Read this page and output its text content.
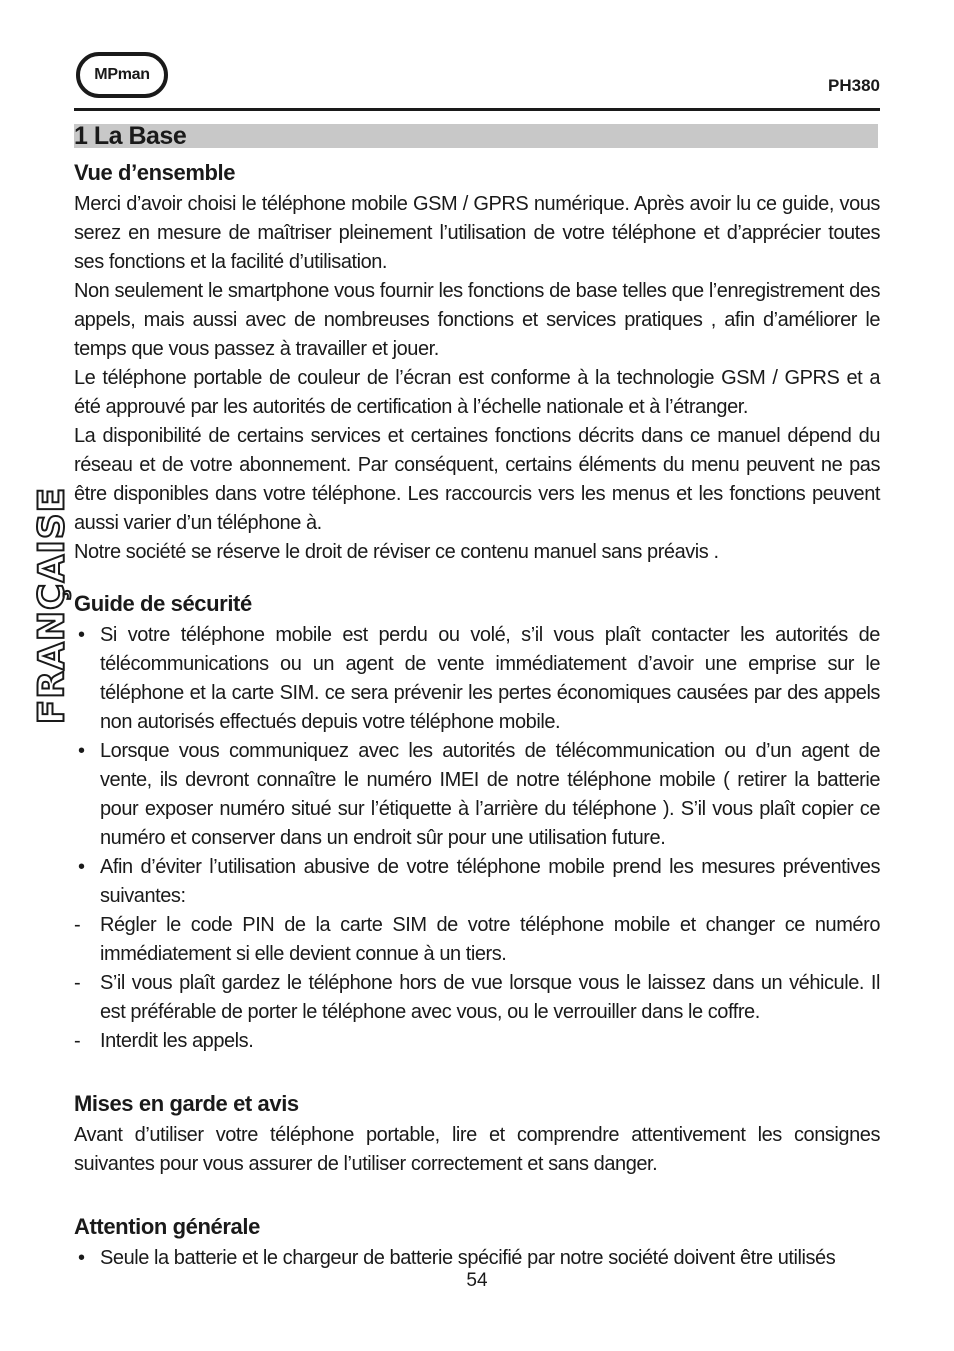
MPman
PH380
1 La Base
FRANÇAISE
Vue d’ensemble

Merci d’avoir choisi le téléphone mobile GSM / GPRS numérique. Après avoir lu ce guide, vous serez en mesure de maîtriser pleinement l’utilisation de votre téléphone et d’apprécier toutes ses fonctions et la facilité d’utilisation.

Non seulement le smartphone vous fournir les fonctions de base telles que l’enregistrement des appels, mais aussi avec de nombreuses fonctions et services pratiques , afin d’améliorer le temps que vous passez à travailler et jouer.

Le téléphone portable de couleur de l’écran est conforme à la technologie GSM / GPRS et a été approuvé par les autorités de certification à l’échelle nationale et à l’étranger.

La disponibilité de certains services et certaines fonctions décrits dans ce manuel dépend du réseau et de votre abonnement. Par conséquent, certains éléments du menu peuvent ne pas être disponibles dans votre téléphone. Les raccourcis vers les menus et les fonctions peuvent aussi varier d’un téléphone à.

Notre société se réserve le droit de réviser ce contenu manuel sans préavis .

Guide de sécurité
• Si votre téléphone mobile est perdu ou volé, s’il vous plaît contacter les autorités de télécommunications ou un agent de vente immédiatement d’avoir une emprise sur le téléphone et la carte SIM. ce sera prévenir les pertes économiques causées par des appels non autorisés effectués depuis votre téléphone mobile.
• Lorsque vous communiquez avec les autorités de télécommunication ou d’un agent de vente, ils devront connaître le numéro IMEI de notre téléphone mobile ( retirer la batterie pour exposer numéro situé sur l’étiquette à l’arrière du téléphone ). S’il vous plaît copier ce numéro et conserver dans un endroit sûr pour une utilisation future.
• Afin d’éviter l’utilisation abusive de votre téléphone mobile prend les mesures préventives suivantes:
- Régler le code PIN de la carte SIM de votre téléphone mobile et changer ce numéro immédiatement si elle devient connue à un tiers.
- S’il vous plaît gardez le téléphone hors de vue lorsque vous le laissez dans un véhicule. Il est préférable de porter le téléphone avec vous, ou le verrouiller dans le coffre.
- Interdit les appels.
Mises en garde et avis

Avant d’utiliser votre téléphone portable, lire et comprendre attentivement les consignes suivantes pour vous assurer de l’utiliser correctement et sans danger.

Attention générale
• Seule la batterie et le chargeur de batterie spécifié par notre société doivent être utilisés
54
